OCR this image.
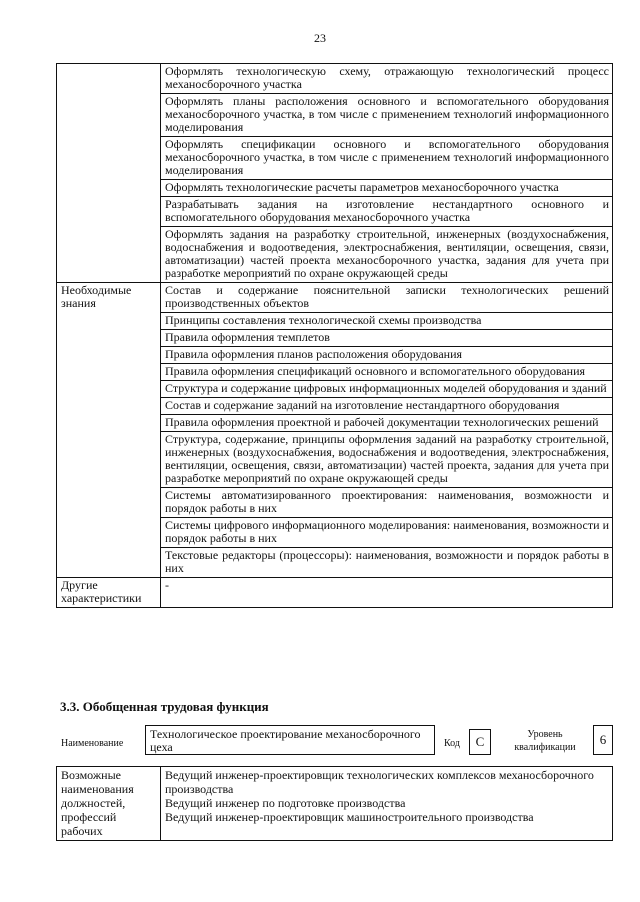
23
	Оформлять технологическую схему, отражающую технологический процесс механосборочного участка
	Оформлять планы расположения основного и вспомогательного оборудования механосборочного участка, в том числе с применением технологий информационного моделирования
	Оформлять спецификации основного и вспомогательного оборудования механосборочного участка, в том числе с применением технологий информационного моделирования
	Оформлять технологические расчеты параметров механосборочного участка
	Разрабатывать задания на изготовление нестандартного основного и вспомогательного оборудования механосборочного участка
	Оформлять задания на разработку строительной, инженерных (воздухоснабжения, водоснабжения и водоотведения, электроснабжения, вентиляции, освещения, связи, автоматизации) частей проекта механосборочного участка, задания для учета при разработке мероприятий по охране окружающей среды
Необходимые знания	Состав и содержание пояснительной записки технологических решений производственных объектов
	Принципы составления технологической схемы производства
	Правила оформления темплетов
	Правила оформления планов расположения оборудования
	Правила оформления спецификаций основного и вспомогательного оборудования
	Структура и содержание цифровых информационных моделей оборудования и зданий
	Состав и содержание заданий на изготовление нестандартного оборудования
	Правила оформления проектной и рабочей документации технологических решений
	Структура, содержание, принципы оформления заданий на разработку строительной, инженерных (воздухоснабжения, водоснабжения и водоотведения, электроснабжения, вентиляции, освещения, связи, автоматизации) частей проекта, задания для учета при разработке мероприятий по охране окружающей среды
	Системы автоматизированного проектирования: наименования, возможности и порядок работы в них
	Системы цифрового информационного моделирования: наименования, возможности и порядок работы в них
	Текстовые редакторы (процессоры): наименования, возможности и порядок работы в них
Другие характеристики	-
3.3. Обобщенная трудовая функция
Наименование
Технологическое проектирование механосборочного цеха	Код	C	Уровень квалификации
6
Возможные наименования должностей, профессий рабочих	
Ведущий инженер-проектировщик технологических комплексов механосборочного производства
Ведущий инженер по подготовке производства
Ведущий инженер-проектировщик машиностроительного производства
